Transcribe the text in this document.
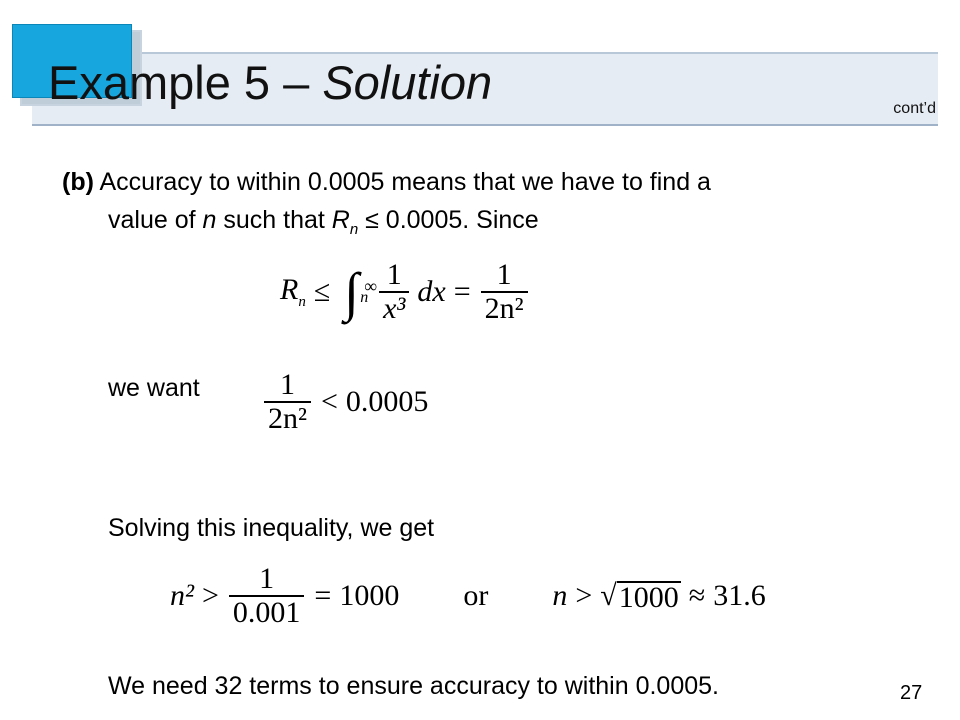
Example 5 – Solution	cont’d
(b) Accuracy to within 0.0005 means that we have to find a
value of n such that $R_n \le 0.0005$. Since
$R_n$ ≤ ∫ ∞
n $\frac{1}{\text{x³}}$ dx = $\frac{1}{\text{2n²}}$
we want $\frac{1}{\text{2n²}} < 0.0005$
Solving this inequality, we get
$n^2 > \frac{1}{0.001} = 1000$ or n > √ 1000 ≈ 31.6
We need 32 terms to ensure accuracy to within 0.0005.	27
